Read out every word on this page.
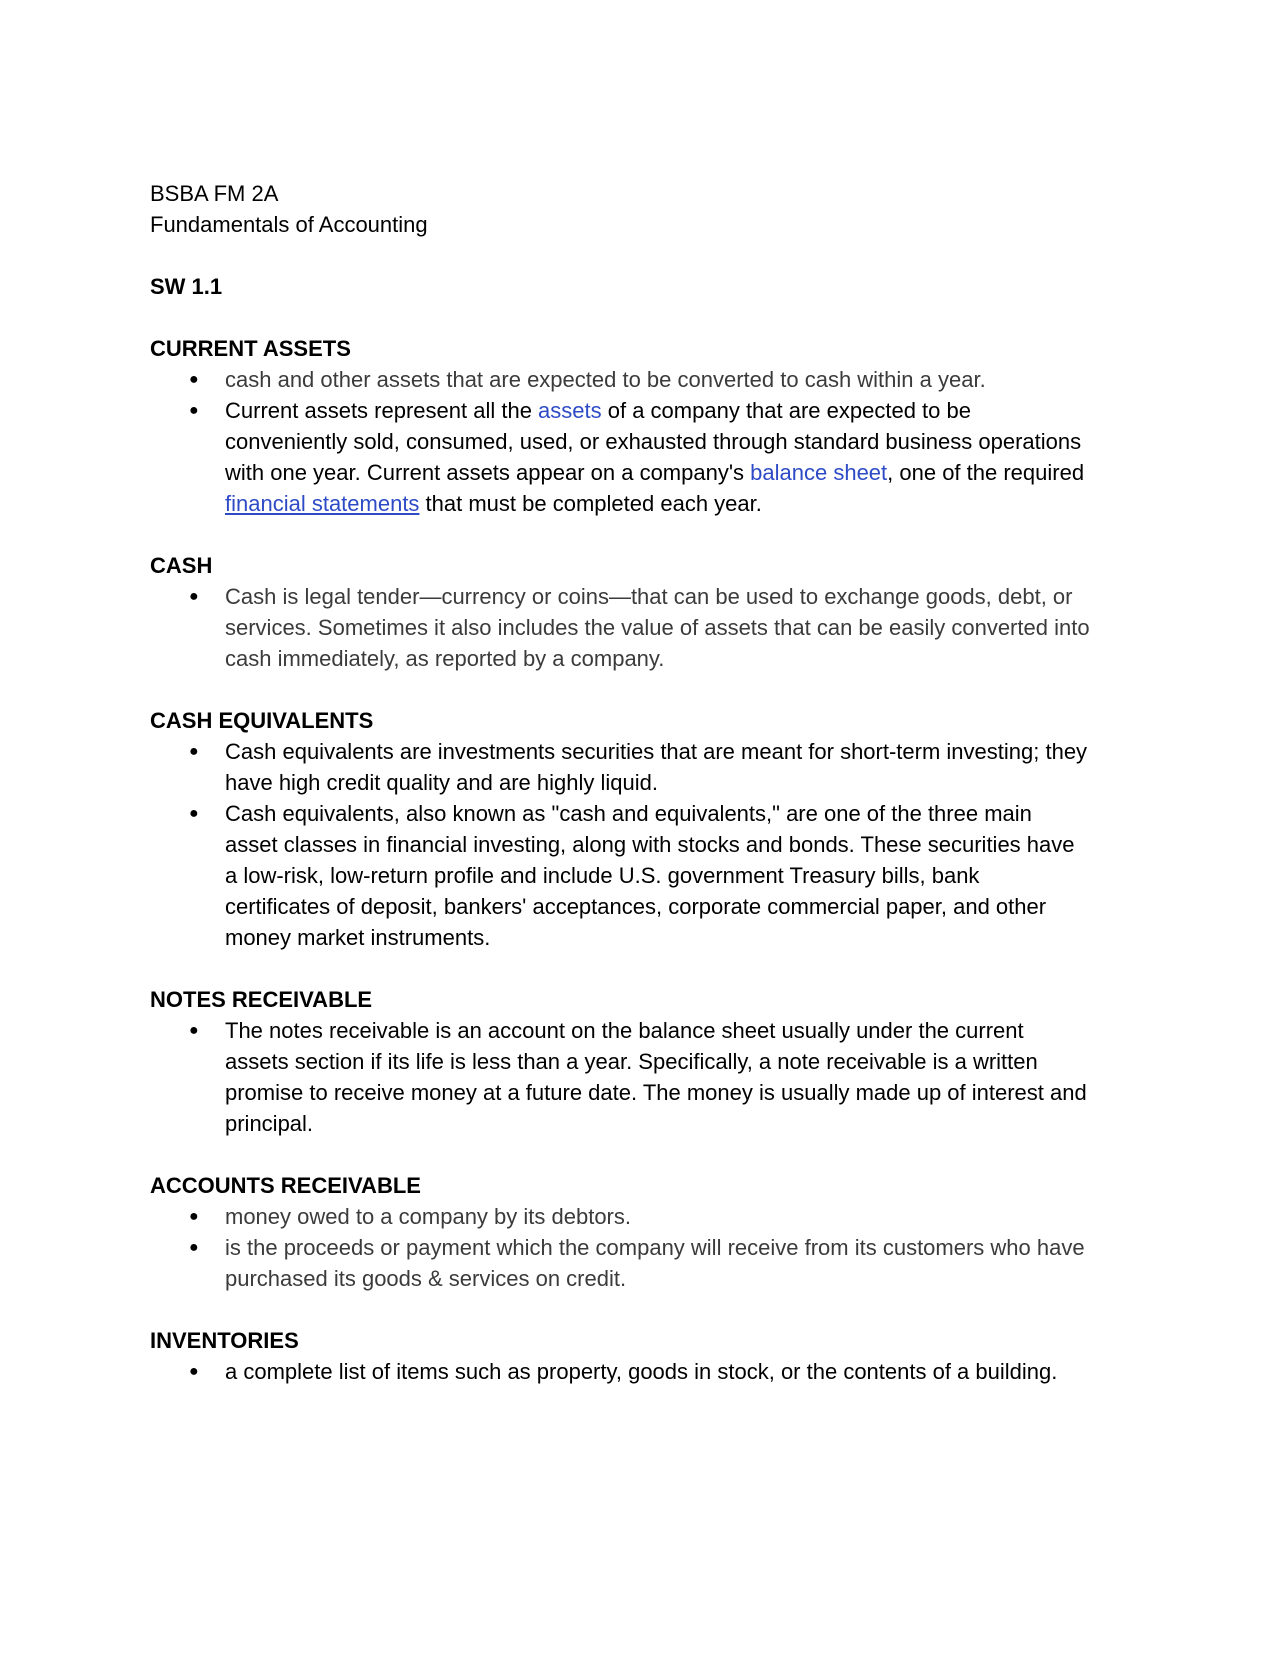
BSBA FM 2A

Fundamentals of Accounting

SW 1.1

CURRENT ASSETS

● cash and other assets that are expected to be converted to cash within a year.
● Current assets represent all the assets of a company that are expected to be
conveniently sold, consumed, used, or exhausted through standard business operations
with one year. Current assets appear on a company's balance sheet, one of the required
financial statements that must be completed each year.

CASH

● Cash is legal tender—currency or coins—that can be used to exchange goods, debt, or
services. Sometimes it also includes the value of assets that can be easily converted into
cash immediately, as reported by a company.

CASH EQUIVALENTS

● Cash equivalents are investments securities that are meant for short-term investing; they
have high credit quality and are highly liquid.
● Cash equivalents, also known as "cash and equivalents," are one of the three main
asset classes in financial investing, along with stocks and bonds. These securities have
a low-risk, low-return profile and include U.S. government Treasury bills, bank
certificates of deposit, bankers' acceptances, corporate commercial paper, and other
money market instruments.

NOTES RECEIVABLE

● The notes receivable is an account on the balance sheet usually under the current
assets section if its life is less than a year. Specifically, a note receivable is a written
promise to receive money at a future date. The money is usually made up of interest and
principal.

ACCOUNTS RECEIVABLE

● money owed to a company by its debtors.
● is the proceeds or payment which the company will receive from its customers who have
purchased its goods & services on credit.

INVENTORIES

● a complete list of items such as property, goods in stock, or the contents of a building.
